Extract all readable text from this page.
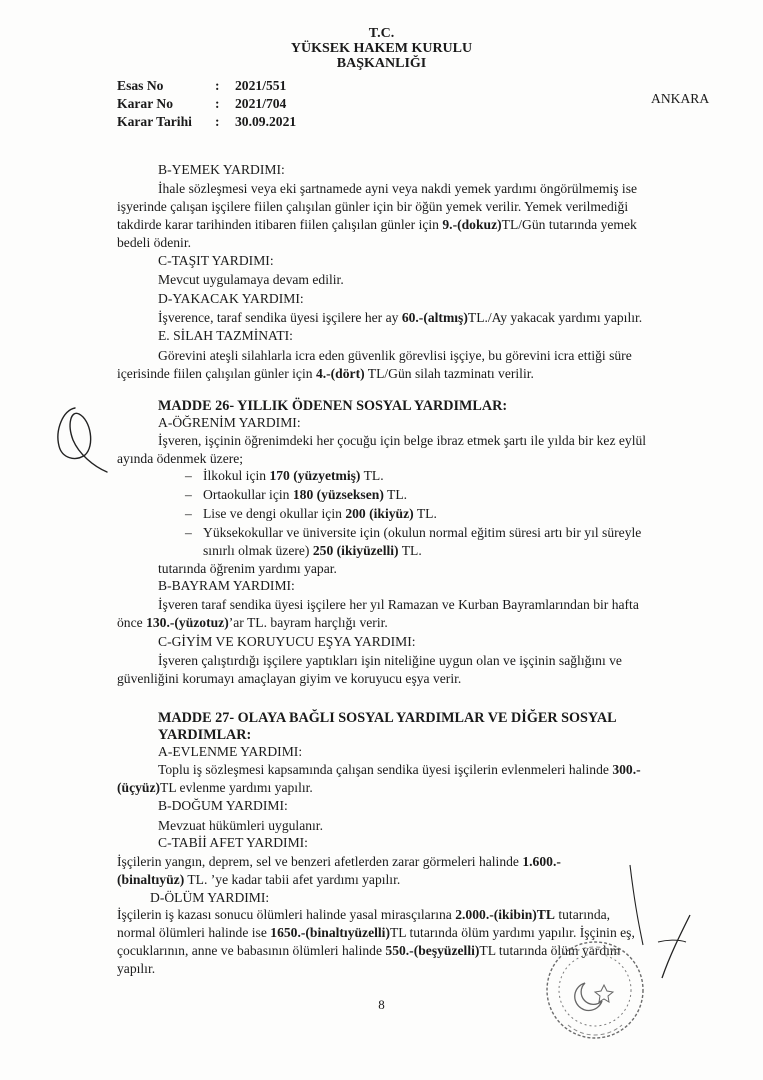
T.C.
YÜKSEK HAKEM KURULU
BAŞKANLIĞI
Esas No	: 2021/551
Karar No	: 2021/704
Karar Tarihi : 30.09.2021
ANKARA
B-YEMEK YARDIMI:
İhale sözleşmesi veya eki şartnamede ayni veya nakdi yemek yardımı öngörülmemiş ise
işyerinde çalışan işçilere fiilen çalışılan günler için bir öğün yemek verilir. Yemek verilmediği
takdirde karar tarihinden itibaren fiilen çalışılan günler için 9.-(dokuz)TL/Gün tutarında yemek
bedeli ödenir.
C-TAŞIT YARDIMI:
Mevcut uygulamaya devam edilir.
D-YAKACAK YARDIMI:
İşverence, taraf sendika üyesi işçilere her ay 60.-(altmış)TL./Ay yakacak yardımı yapılır.
E. SİLAH TAZMİNATI:
Görevini ateşli silahlarla icra eden güvenlik görevlisi işçiye, bu görevini icra ettiği süre
içerisinde fiilen çalışılan günler için 4.-(dört) TL/Gün silah tazminatı verilir.
MADDE 26- YILLIK ÖDENEN SOSYAL YARDIMLAR:
A-ÖĞRENİM YARDIMI:
İşveren, işçinin öğrenimdeki her çocuğu için belge ibraz etmek şartı ile yılda bir kez eylül
ayında ödenmek üzere;
– İlkokul için 170 (yüzyetmiş) TL.
– Ortaokullar için 180 (yüzseksen) TL.
– Lise ve dengi okullar için 200 (ikiyüz) TL.
– Yüksekokullar ve üniversite için (okulun normal eğitim süresi artı bir yıl süreyle
sınırlı olmak üzere) 250 (ikiyüzelli) TL.
tutarında öğrenim yardımı yapar.
B-BAYRAM YARDIMI:
İşveren taraf sendika üyesi işçilere her yıl Ramazan ve Kurban Bayramlarından bir hafta
önce 130.-(yüzotuz)’ar TL. bayram harçlığı verir.
C-GİYİM VE KORUYUCU EŞYA YARDIMI:
İşveren çalıştırdığı işçilere yaptıkları işin niteliğine uygun olan ve işçinin sağlığını ve
güvenliğini korumayı amaçlayan giyim ve koruyucu eşya verir.
MADDE 27- OLAYA BAĞLI SOSYAL YARDIMLAR VE DİĞER SOSYAL
YARDIMLAR:
A-EVLENME YARDIMI:
Toplu iş sözleşmesi kapsamında çalışan sendika üyesi işçilerin evlenmeleri halinde 300.-
(üçyüz)TL evlenme yardımı yapılır.
B-DOĞUM YARDIMI:
Mevzuat hükümleri uygulanır.
C-TABİİ AFET YARDIMI:
İşçilerin yangın, deprem, sel ve benzeri afetlerden zarar görmeleri halinde 1.600.-
(binaltıyüz) TL. ’ye kadar tabii afet yardımı yapılır.
D-ÖLÜM YARDIMI:
İşçilerin iş kazası sonucu ölümleri halinde yasal mirasçılarına 2.000.-(ikibin)TL tutarında,
normal ölümleri halinde ise 1650.-(binaltıyüzelli)TL tutarında ölüm yardımı yapılır. İşçinin eş,
çocuklarının, anne ve babasının ölümleri halinde 550.-(beşyüzelli)TL tutarında ölüm yardım
yapılır.
8
